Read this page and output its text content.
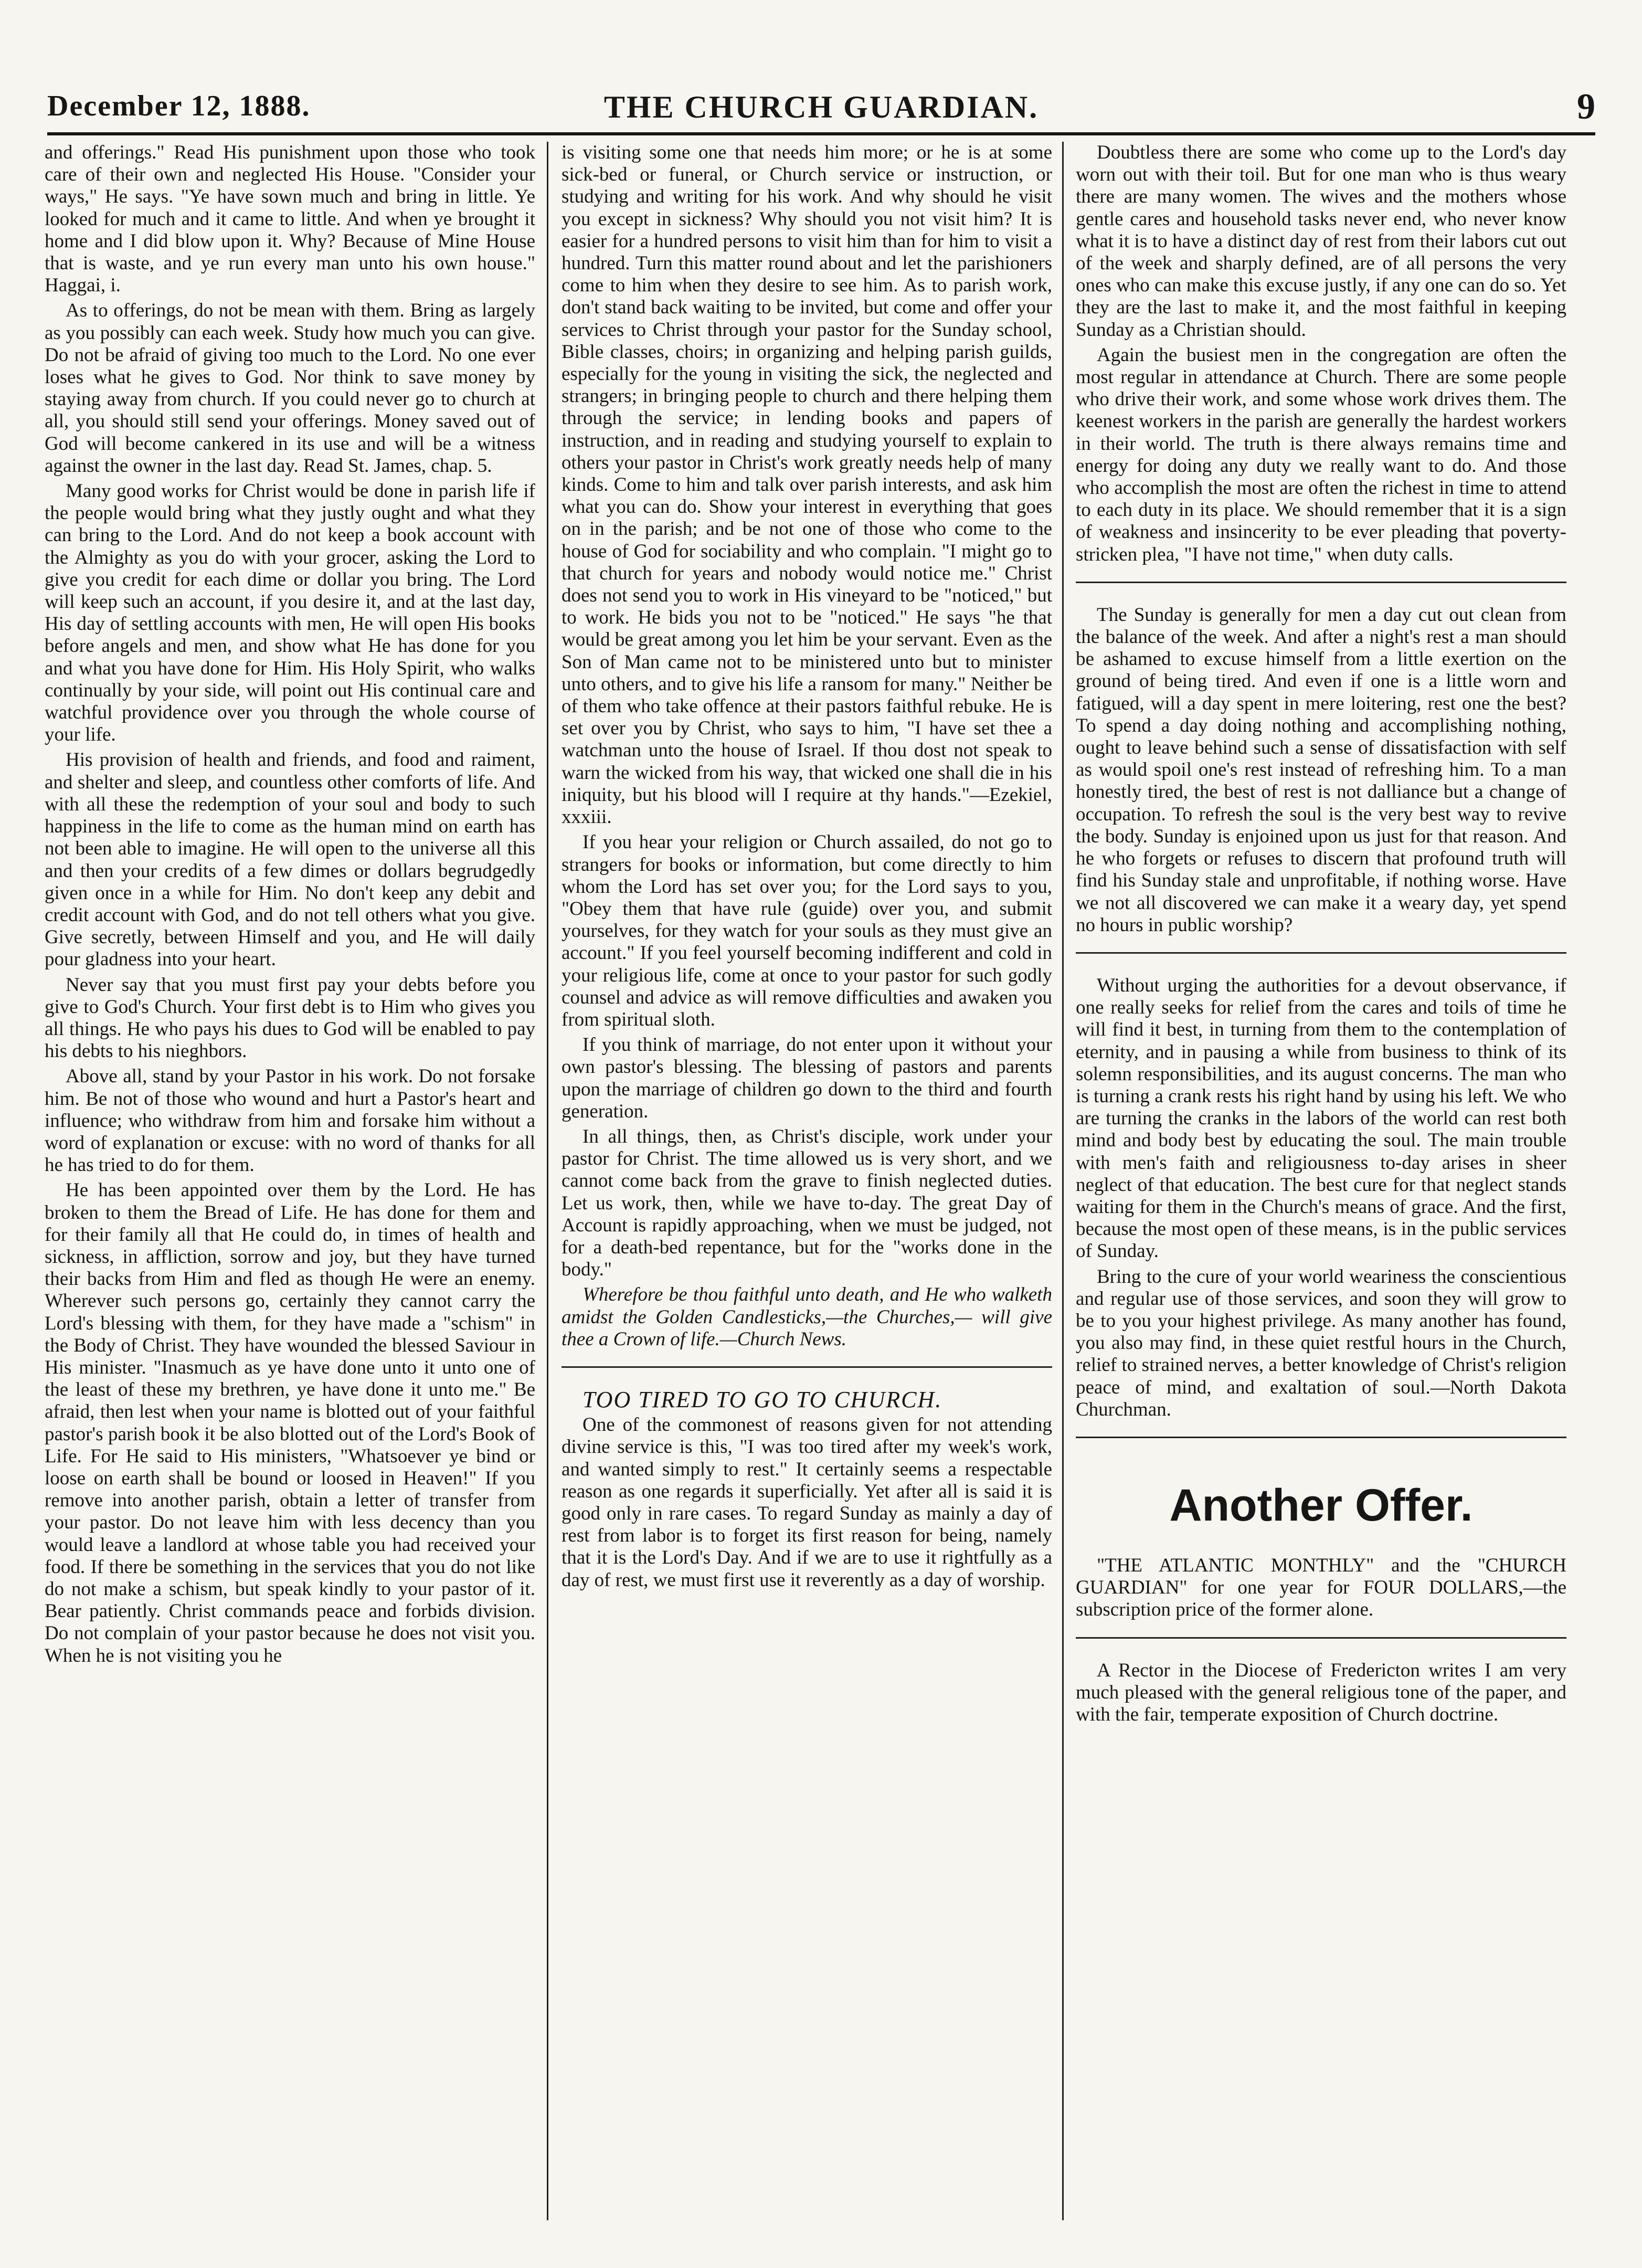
December 12, 1888.	THE CHURCH GUARDIAN.	9

and offerings." Read His punishment upon those who took care of their own and neglected His House. "Consider your ways," He says. "Ye have sown much and bring in little. Ye looked for much and it came to little. And when ye brought it home and I did blow upon it. Why? Because of Mine House that is waste, and ye run every man unto his own house." Haggai, i.

As to offerings, do not be mean with them. Bring as largely as you possibly can each week. Study how much you can give. Do not be afraid of giving too much to the Lord. No one ever loses what he gives to God. Nor think to save money by staying away from church. If you could never go to church at all, you should still send your offerings. Money saved out of God will become cankered in its use and will be a witness against the owner in the last day. Read St. James, chap. 5.

Many good works for Christ would be done in parish life if the people would bring what they justly ought and what they can bring to the Lord. And do not keep a book account with the Almighty as you do with your grocer, asking the Lord to give you credit for each dime or dollar you bring. The Lord will keep such an account, if you desire it, and at the last day, His day of settling accounts with men, He will open His books before angels and men, and show what He has done for you and what you have done for Him. His Holy Spirit, who walks continually by your side, will point out His continual care and watchful providence over you through the whole course of your life.

His provision of health and friends, and food and raiment, and shelter and sleep, and countless other comforts of life. And with all these the redemption of your soul and body to such happiness in the life to come as the human mind on earth has not been able to imagine. He will open to the universe all this and then your credits of a few dimes or dollars begrudgedly given once in a while for Him. No don't keep any debit and credit account with God, and do not tell others what you give. Give secretly, between Himself and you, and He will daily pour gladness into your heart.

Never say that you must first pay your debts before you give to God's Church. Your first debt is to Him who gives you all things. He who pays his dues to God will be enabled to pay his debts to his nieghbors.

Above all, stand by your Pastor in his work. Do not forsake him. Be not of those who wound and hurt a Pastor's heart and influence; who withdraw from him and forsake him without a word of explanation or excuse: with no word of thanks for all he has tried to do for them.

He has been appointed over them by the Lord. He has broken to them the Bread of Life. He has done for them and for their family all that He could do, in times of health and sickness, in affliction, sorrow and joy, but they have turned their backs from Him and fled as though He were an enemy. Wherever such persons go, certainly they cannot carry the Lord's blessing with them, for they have made a "schism" in the Body of Christ. They have wounded the blessed Saviour in His minister. "Inasmuch as ye have done unto it unto one of the least of these my brethren, ye have done it unto me." Be afraid, then lest when your name is blotted out of your faithful pastor's parish book it be also blotted out of the Lord's Book of Life. For He said to His ministers, "Whatsoever ye bind or loose on earth shall be bound or loosed in Heaven!" If you remove into another parish, obtain a letter of transfer from your pastor. Do not leave him with less decency than you would leave a landlord at whose table you had received your food. If there be something in the services that you do not like do not make a schism, but speak kindly to your pastor of it. Bear patiently. Christ commands peace and forbids division. Do not complain of your pastor because he does not visit you. When he is not visiting you he

is visiting some one that needs him more; or he is at some sick-bed or funeral, or Church service or instruction, or studying and writing for his work. And why should he visit you except in sickness? Why should you not visit him? It is easier for a hundred persons to visit him than for him to visit a hundred. Turn this matter round about and let the parishioners come to him when they desire to see him. As to parish work, don't stand back waiting to be invited, but come and offer your services to Christ through your pastor for the Sunday school, Bible classes, choirs; in organizing and helping parish guilds, especially for the young in visiting the sick, the neglected and strangers; in bringing people to church and there helping them through the service; in lending books and papers of instruction, and in reading and studying yourself to explain to others your pastor in Christ's work greatly needs help of many kinds. Come to him and talk over parish interests, and ask him what you can do. Show your interest in everything that goes on in the parish; and be not one of those who come to the house of God for sociability and who complain. "I might go to that church for years and nobody would notice me." Christ does not send you to work in His vineyard to be "noticed," but to work. He bids you not to be "noticed." He says "he that would be great among you let him be your servant. Even as the Son of Man came not to be ministered unto but to minister unto others, and to give his life a ransom for many." Neither be of them who take offence at their pastors faithful rebuke. He is set over you by Christ, who says to him, "I have set thee a watchman unto the house of Israel. If thou dost not speak to warn the wicked from his way, that wicked one shall die in his iniquity, but his blood will I require at thy hands."—Ezekiel, xxxiii.

If you hear your religion or Church assailed, do not go to strangers for books or information, but come directly to him whom the Lord has set over you; for the Lord says to you, "Obey them that have rule (guide) over you, and submit yourselves, for they watch for your souls as they must give an account." If you feel yourself becoming indifferent and cold in your religious life, come at once to your pastor for such godly counsel and advice as will remove difficulties and awaken you from spiritual sloth.

If you think of marriage, do not enter upon it without your own pastor's blessing. The blessing of pastors and parents upon the marriage of children go down to the third and fourth generation.

In all things, then, as Christ's disciple, work under your pastor for Christ. The time allowed us is very short, and we cannot come back from the grave to finish neglected duties. Let us work, then, while we have to-day. The great Day of Account is rapidly approaching, when we must be judged, not for a death-bed repentance, but for the "works done in the body."

Wherefore be thou faithful unto death, and He who walketh amidst the Golden Candlesticks,—the Churches,— will give thee a Crown of life.—Church News.

TOO TIRED TO GO TO CHURCH.

One of the commonest of reasons given for not attending divine service is this, "I was too tired after my week's work, and wanted simply to rest." It certainly seems a respectable reason as one regards it superficially. Yet after all is said it is good only in rare cases. To regard Sunday as mainly a day of rest from labor is to forget its first reason for being, namely that it is the Lord's Day. And if we are to use it rightfully as a day of rest, we must first use it reverently as a day of worship.

Doubtless there are some who come up to the Lord's day worn out with their toil. But for one man who is thus weary there are many women. The wives and the mothers whose gentle cares and household tasks never end, who never know what it is to have a distinct day of rest from their labors cut out of the week and sharply defined, are of all persons the very ones who can make this excuse justly, if any one can do so. Yet they are the last to make it, and the most faithful in keeping Sunday as a Christian should.

Again the busiest men in the congregation are often the most regular in attendance at Church. There are some people who drive their work, and some whose work drives them. The keenest workers in the parish are generally the hardest workers in their world. The truth is there always remains time and energy for doing any duty we really want to do. And those who accomplish the most are often the richest in time to attend to each duty in its place. We should remember that it is a sign of weakness and insincerity to be ever pleading that poverty-stricken plea, "I have not time," when duty calls.

The Sunday is generally for men a day cut out clean from the balance of the week. And after a night's rest a man should be ashamed to excuse himself from a little exertion on the ground of being tired. And even if one is a little worn and fatigued, will a day spent in mere loitering, rest one the best? To spend a day doing nothing and accomplishing nothing, ought to leave behind such a sense of dissatisfaction with self as would spoil one's rest instead of refreshing him. To a man honestly tired, the best of rest is not dalliance but a change of occupation. To refresh the soul is the very best way to revive the body. Sunday is enjoined upon us just for that reason. And he who forgets or refuses to discern that profound truth will find his Sunday stale and unprofitable, if nothing worse. Have we not all discovered we can make it a weary day, yet spend no hours in public worship?

Without urging the authorities for a devout observance, if one really seeks for relief from the cares and toils of time he will find it best, in turning from them to the contemplation of eternity, and in pausing a while from business to think of its solemn responsibilities, and its august concerns. The man who is turning a crank rests his right hand by using his left. We who are turning the cranks in the labors of the world can rest both mind and body best by educating the soul. The main trouble with men's faith and religiousness to-day arises in sheer neglect of that education. The best cure for that neglect stands waiting for them in the Church's means of grace. And the first, because the most open of these means, is in the public services of Sunday.

Bring to the cure of your world weariness the conscientious and regular use of those services, and soon they will grow to be to you your highest privilege. As many another has found, you also may find, in these quiet restful hours in the Church, relief to strained nerves, a better knowledge of Christ's religion peace of mind, and exaltation of soul.—North Dakota Churchman.

Another Offer.

"THE ATLANTIC MONTHLY" and the "CHURCH GUARDIAN" for one year for FOUR DOLLARS,—the subscription price of the former alone.

A Rector in the Diocese of Fredericton writes I am very much pleased with the general religious tone of the paper, and with the fair, temperate exposition of Church doctrine.
